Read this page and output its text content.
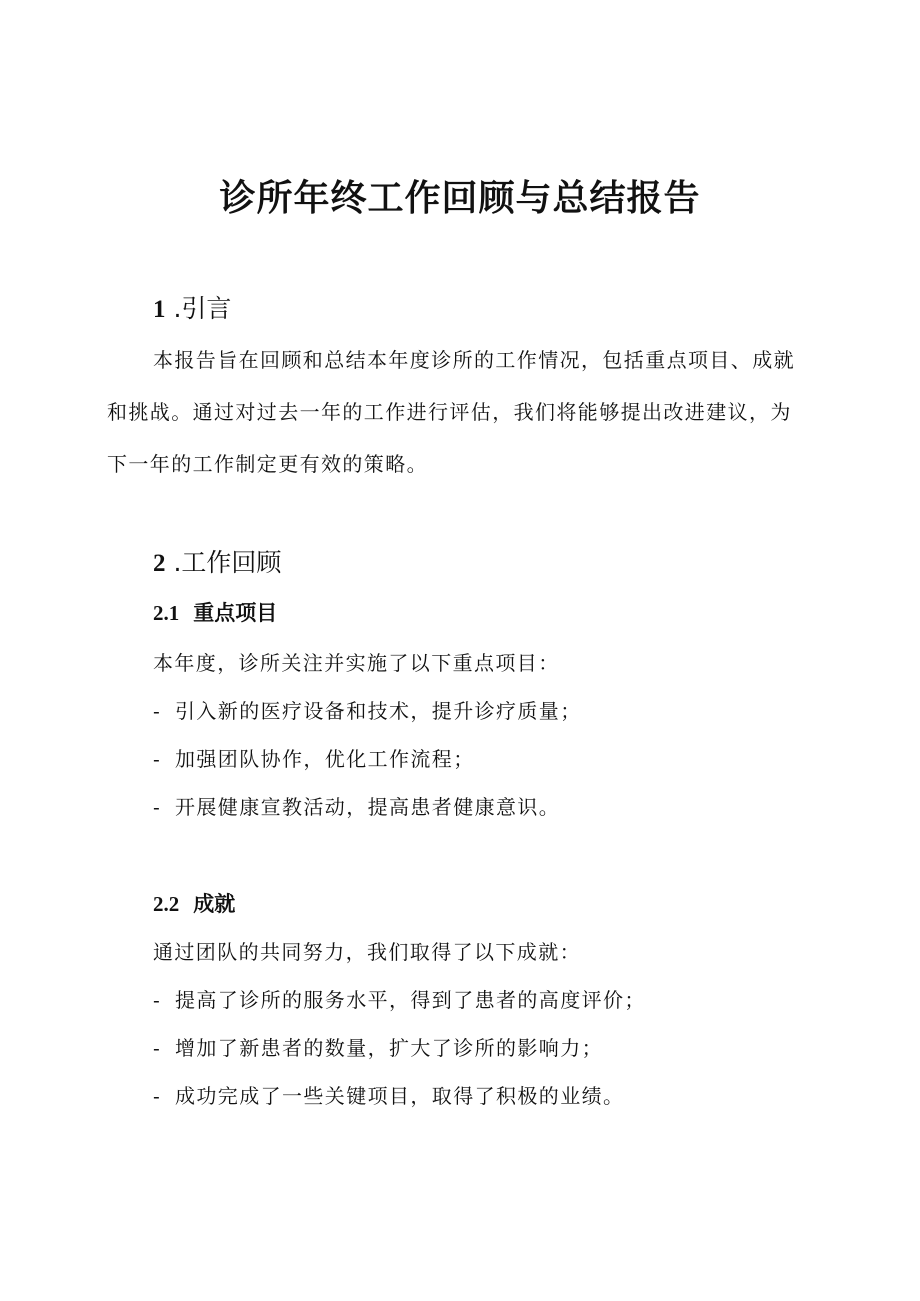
诊所年终工作回顾与总结报告
1 .引言

本报告旨在回顾和总结本年度诊所的工作情况，包括重点项目、成就和挑战。通过对过去一年的工作进行评估，我们将能够提出改进建议，为下一年的工作制定更有效的策略。

2 .工作回顾
2.1 重点项目

本年度，诊所关注并实施了以下重点项目：

- 引入新的医疗设备和技术，提升诊疗质量；

- 加强团队协作，优化工作流程；

- 开展健康宣教活动，提高患者健康意识。

2.2 成就

通过团队的共同努力，我们取得了以下成就：

- 提高了诊所的服务水平，得到了患者的高度评价；

- 增加了新患者的数量，扩大了诊所的影响力；

- 成功完成了一些关键项目，取得了积极的业绩。
